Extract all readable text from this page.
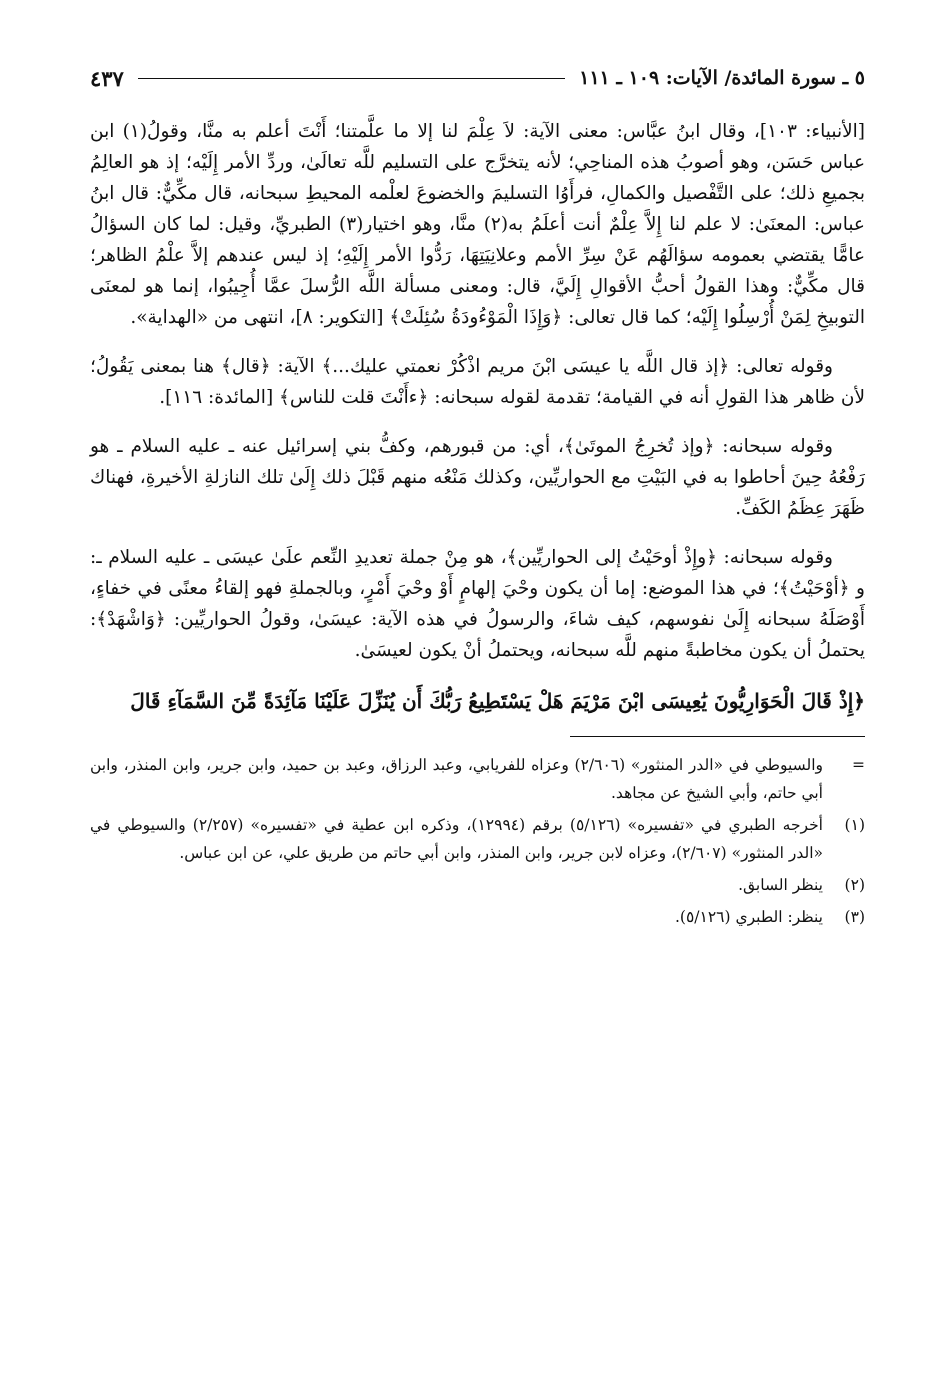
٥ ـ سورة المائدة/ الآيات: ١٠٩ ـ ١١١
٤٣٧

[الأنبياء: ١٠٣]، وقال ابنُ عبَّاس: معنى الآية: لاَ عِلْمَ لنا إلا ما علَّمتنا؛ أَنْتَ أعلم به منَّا، وقولُ(١) ابن عباس حَسَن، وهو أصوبُ هذه المناحِي؛ لأنه يتخرَّج على التسليم للَّه تعالَىٰ، وردِّ الأمر إِلَيْه؛ إذ هو العالِمُ بجميعِ ذلك؛ على التَّفْصيل والكمالِ، فرأَوُا التسليمَ والخضوعَ لعلْمه المحيطِ سبحانه، قال مكِّيٌّ: قال ابنُ عباس: المعنَىٰ: لا علم لنا إِلاَّ عِلْمٌ أنت أعلَمُ به(٢) منَّا، وهو اختيار(٣) الطبريِّ، وقيل: لما كان السؤالُ عامًّا يقتضي بعمومه سؤالَهُم عَنْ سِرِّ الأمم وعلانِيَتِهَا، رَدُّوا الأمر إِلَيْهِ؛ إذ ليس عندهم إلاَّ علْمُ الظاهر؛ قال مكِّيٌّ: وهذا القولُ أحبُّ الأقوالِ إِلَيَّ، قال: ومعنى مسألة اللَّه الرُّسلَ عمَّا أُجِيبُوا، إنما هو لمعنَى التوبيخِ لِمَنْ أُرْسِلُوا إِلَيْه؛ كما قال تعالى: ﴿وَإِذَا الْمَوْءُودَةُ سُئِلَتْ﴾ [التكوير: ٨]، انتهى من «الهداية».

وقوله تعالى: ﴿إذ قال اللَّه يا عيسَى ابْنَ مريم اذْكُرْ نعمتي عليك...﴾ الآية: ﴿قال﴾ هنا بمعنى يَقُولُ؛ لأن ظاهر هذا القولِ أنه في القيامة؛ تقدمة لقوله سبحانه: ﴿ءأَنْتَ قلت للناس﴾ [المائدة: ١١٦].

وقوله سبحانه: ﴿وإذ تُخرِجُ الموتَىٰ﴾، أي: من قبورهم، وكفُّ بني إسرائيل عنه ـ عليه السلام ـ هو رَفْعُهُ حِينَ أحاطوا به في البَيْتِ مع الحواريِّين، وكذلك مَنْعُه منهم قَبْلَ ذلك إِلَىٰ تلك النازلةِ الأخيرةِ، فهناك ظَهَرَ عِظَمُ الكَفِّ.

وقوله سبحانه: ﴿وإِذْ أوحَيْتُ إلى الحواريِّين﴾، هو مِنْ جملة تعديدِ النِّعم علَىٰ عيسَى ـ عليه السلام ـ: و ﴿أوْحَيْتُ﴾؛ في هذا الموضع: إما أن يكون وحْيَ إلهامٍ أَوْ وحْيَ أَمْرٍ، وبالجملةِ فهو إلقاءُ معنًى في خفاءٍ، أَوْصَلَهُ سبحانه إِلَىٰ نفوسهم، كيف شاءَ، والرسولُ في هذه الآية: عيسَىٰ، وقولُ الحواريِّين: ﴿وَاشْهَدْ﴾: يحتملُ أن يكون مخاطبةً منهم للَّه سبحانه، ويحتملُ أنْ يكون لعيسَىٰ.

﴿إِذْ قَالَ الْحَوَارِيُّونَ يَٰعِيسَى ابْنَ مَرْيَمَ هَلْ يَسْتَطِيعُ رَبُّكَ أَن يُنَزِّلَ عَلَيْنَا مَآئِدَةً مِّنَ السَّمَآءِ قَالَ
=
والسيوطي في «الدر المنثور» (٢/٦٠٦) وعزاه للفريابي، وعبد الرزاق، وعبد بن حميد، وابن جرير، وابن المنذر، وابن أبي حاتم، وأبي الشيخ عن مجاهد.
(١)
أخرجه الطبري في «تفسيره» (٥/١٢٦) برقم (١٢٩٩٤)، وذكره ابن عطية في «تفسيره» (٢/٢٥٧) والسيوطي في «الدر المنثور» (٢/٦٠٧)، وعزاه لابن جرير، وابن المنذر، وابن أبي حاتم من طريق علي، عن ابن عباس.
(٢)
ينظر السابق.
(٣)
ينظر: الطبري (٥/١٢٦).
